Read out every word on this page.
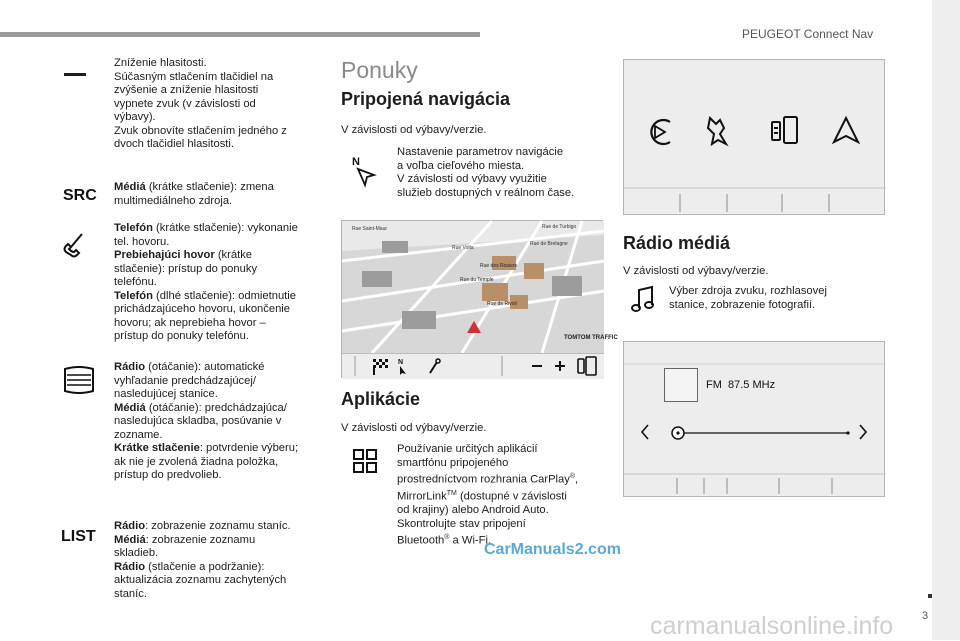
PEUGEOT Connect Nav
3
Zníženie hlasitosti.
Súčasným stlačením tlačidiel na
zvýšenie a zníženie hlasitosti
vypnete zvuk (v závislosti od
výbavy).
Zvuk obnovíte stlačením jedného z
dvoch tlačidiel hlasitosti.
SRC Médiá (krátke stlačenie): zmena
multimediálneho zdroja.
Telefón (krátke stlačenie): vykonanie
tel. hovoru.
Prebiehajúci hovor (krátke
stlačenie): prístup do ponuky
telefónu.
Telefón (dlhé stlačenie): odmietnutie
prichádzajúceho hovoru, ukončenie
hovoru; ak neprebieha hovor –
prístup do ponuky telefónu.
Rádio (otáčanie): automatické
vyhľadanie predchádzajúcej/
nasledujúcej stanice.
Médiá (otáčanie): predchádzajúca/
nasledujúca skladba, posúvanie v
zozname.
Krátke stlačenie: potvrdenie výberu;
ak nie je zvolená žiadna položka,
prístup do predvolieb.
LIST
Rádio: zobrazenie zoznamu staníc.
Médiá: zobrazenie zoznamu
skladieb.
Rádio (stlačenie a podržanie):
aktualizácia zoznamu zachytených
staníc.
Ponuky
Pripojená navigácia
V závislosti od výbavy/verzie.
N
Nastavenie parametrov navigácie
a voľba cieľového miesta.
V závislosti od výbavy využitie
služieb dostupných v reálnom čase.
Rue Saint-Maur	Rue de Turbigo
Rue des Rosiers
Rue du Temple
Rue de Rivoli
Rue Volta
Rue de Bretagne
TOMTOM TRAFFIC
N
Aplikácie
V závislosti od výbavy/verzie.
Používanie určitých aplikácií
smartfónu pripojeného
prostredníctvom rozhrania CarPlay®,
MirrorLink™ (dostupné v závislosti
od krajiny) alebo Android Auto.
Skontrolujte stav pripojení
Bluetooth® a Wi-Fi.
CarManuals2.com
Rádio médiá
V závislosti od výbavy/verzie.
Výber zdroja zvuku, rozhlasovej
stanice, zobrazenie fotografií.
FM  87.5 MHz
carmanualsonline.info
